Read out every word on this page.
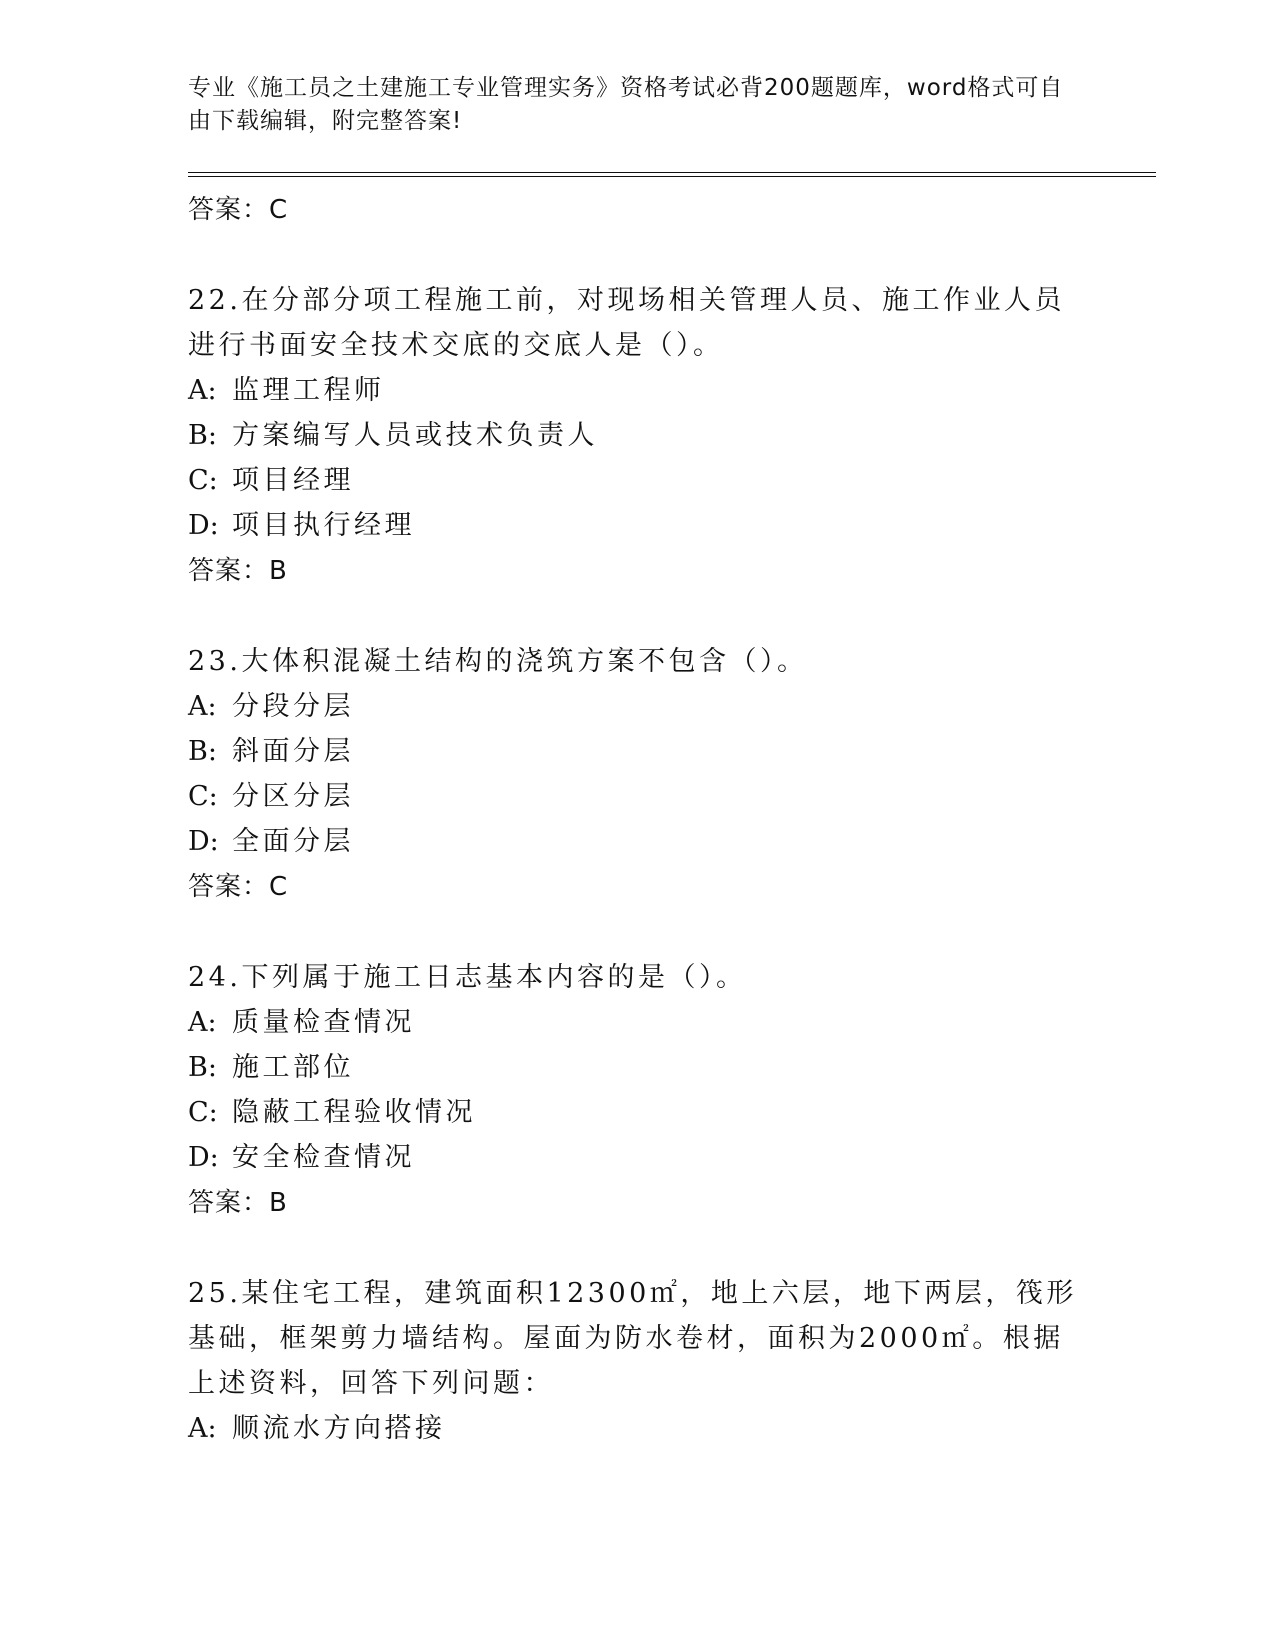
专业《施工员之土建施工专业管理实务》资格考试必背200题题库，word格式可自由下载编辑，附完整答案!
答案：C
22.在分部分项工程施工前，对现场相关管理人员、施工作业人员进行书面安全技术交底的交底人是（）。
A: 监理工程师
B: 方案编写人员或技术负责人
C: 项目经理
D: 项目执行经理
答案：B
23.大体积混凝土结构的浇筑方案不包含（）。
A: 分段分层
B: 斜面分层
C: 分区分层
D: 全面分层
答案：C
24.下列属于施工日志基本内容的是（）。
A: 质量检查情况
B: 施工部位
C: 隐蔽工程验收情况
D: 安全检查情况
答案：B
25.某住宅工程，建筑面积12300㎡，地上六层，地下两层，筏形基础，框架剪力墙结构。屋面为防水卷材，面积为2000㎡。根据上述资料，回答下列问题：
A: 顺流水方向搭接
